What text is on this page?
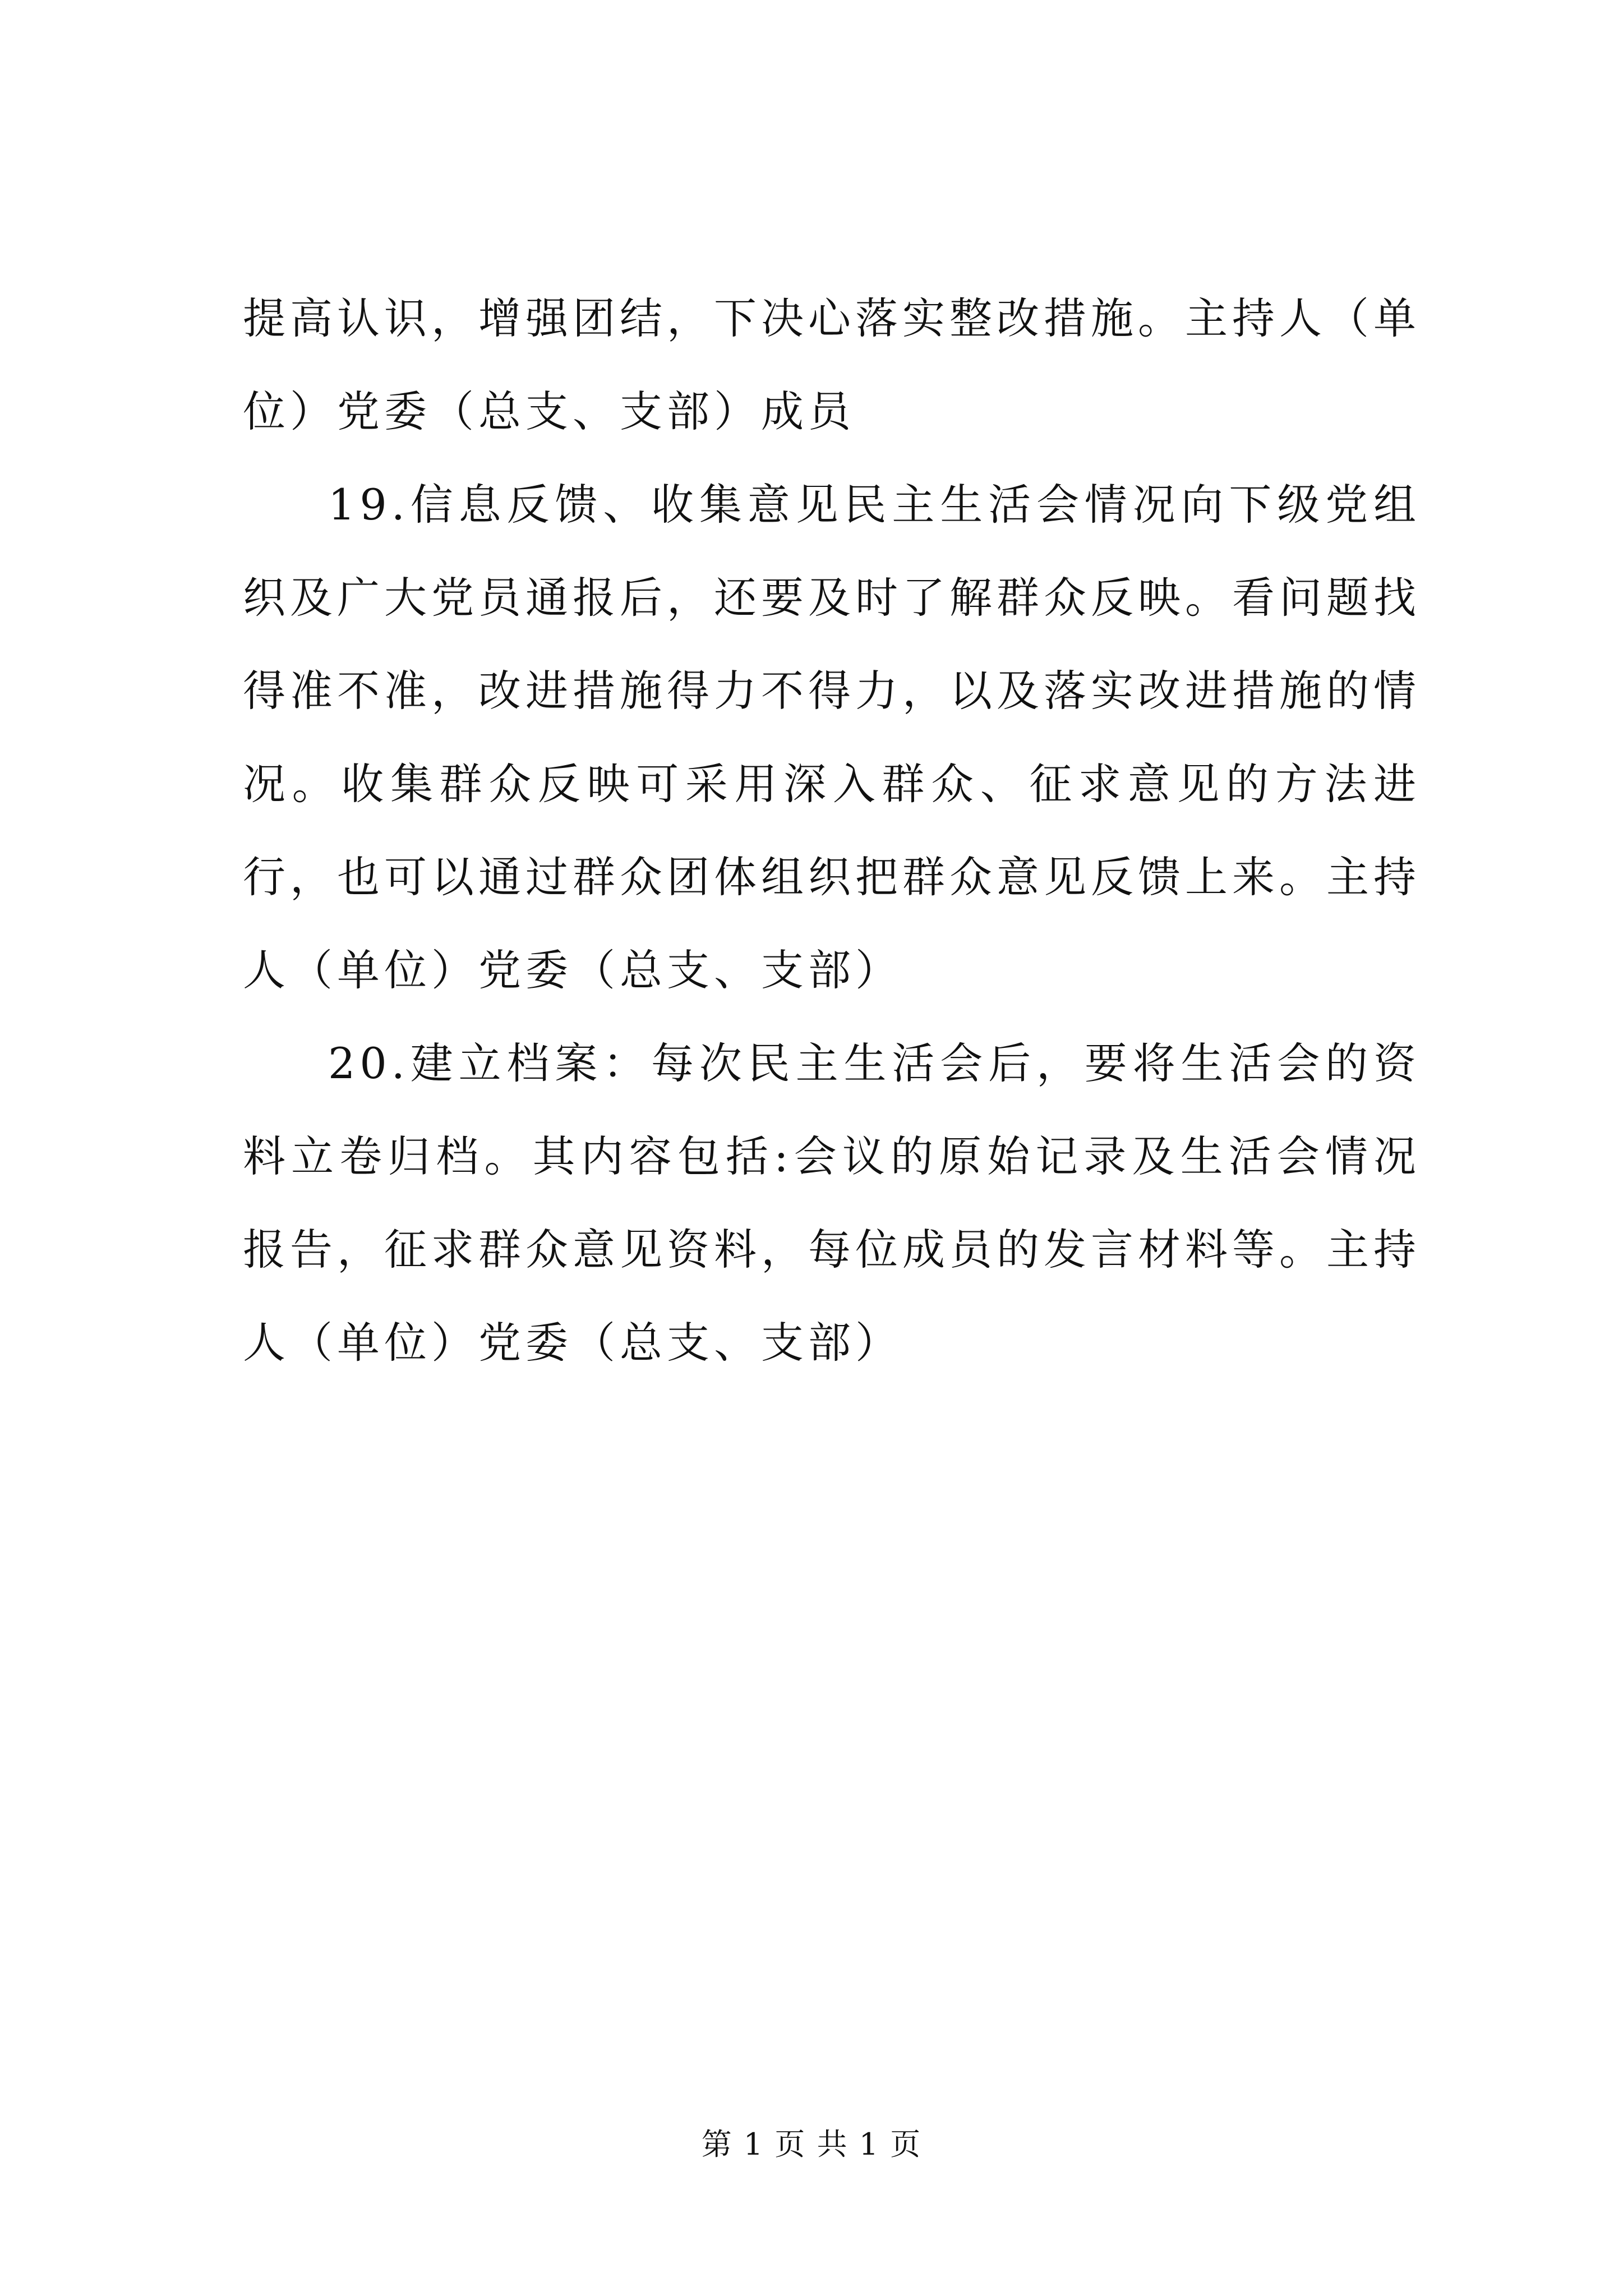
提高认识，增强团结，下决心落实整改措施。主持人（单位）党委（总支、支部）成员

19.信息反馈、收集意见民主生活会情况向下级党组织及广大党员通报后，还要及时了解群众反映。看问题找得准不准，改进措施得力不得力，以及落实改进措施的情况。收集群众反映可采用深入群众、征求意见的方法进行，也可以通过群众团体组织把群众意见反馈上来。主持人（单位）党委（总支、支部）

20.建立档案：每次民主生活会后，要将生活会的资料立卷归档。其内容包括:会议的原始记录及生活会情况报告，征求群众意见资料，每位成员的发言材料等。主持人（单位）党委（总支、支部）

第 1 页 共 1 页
